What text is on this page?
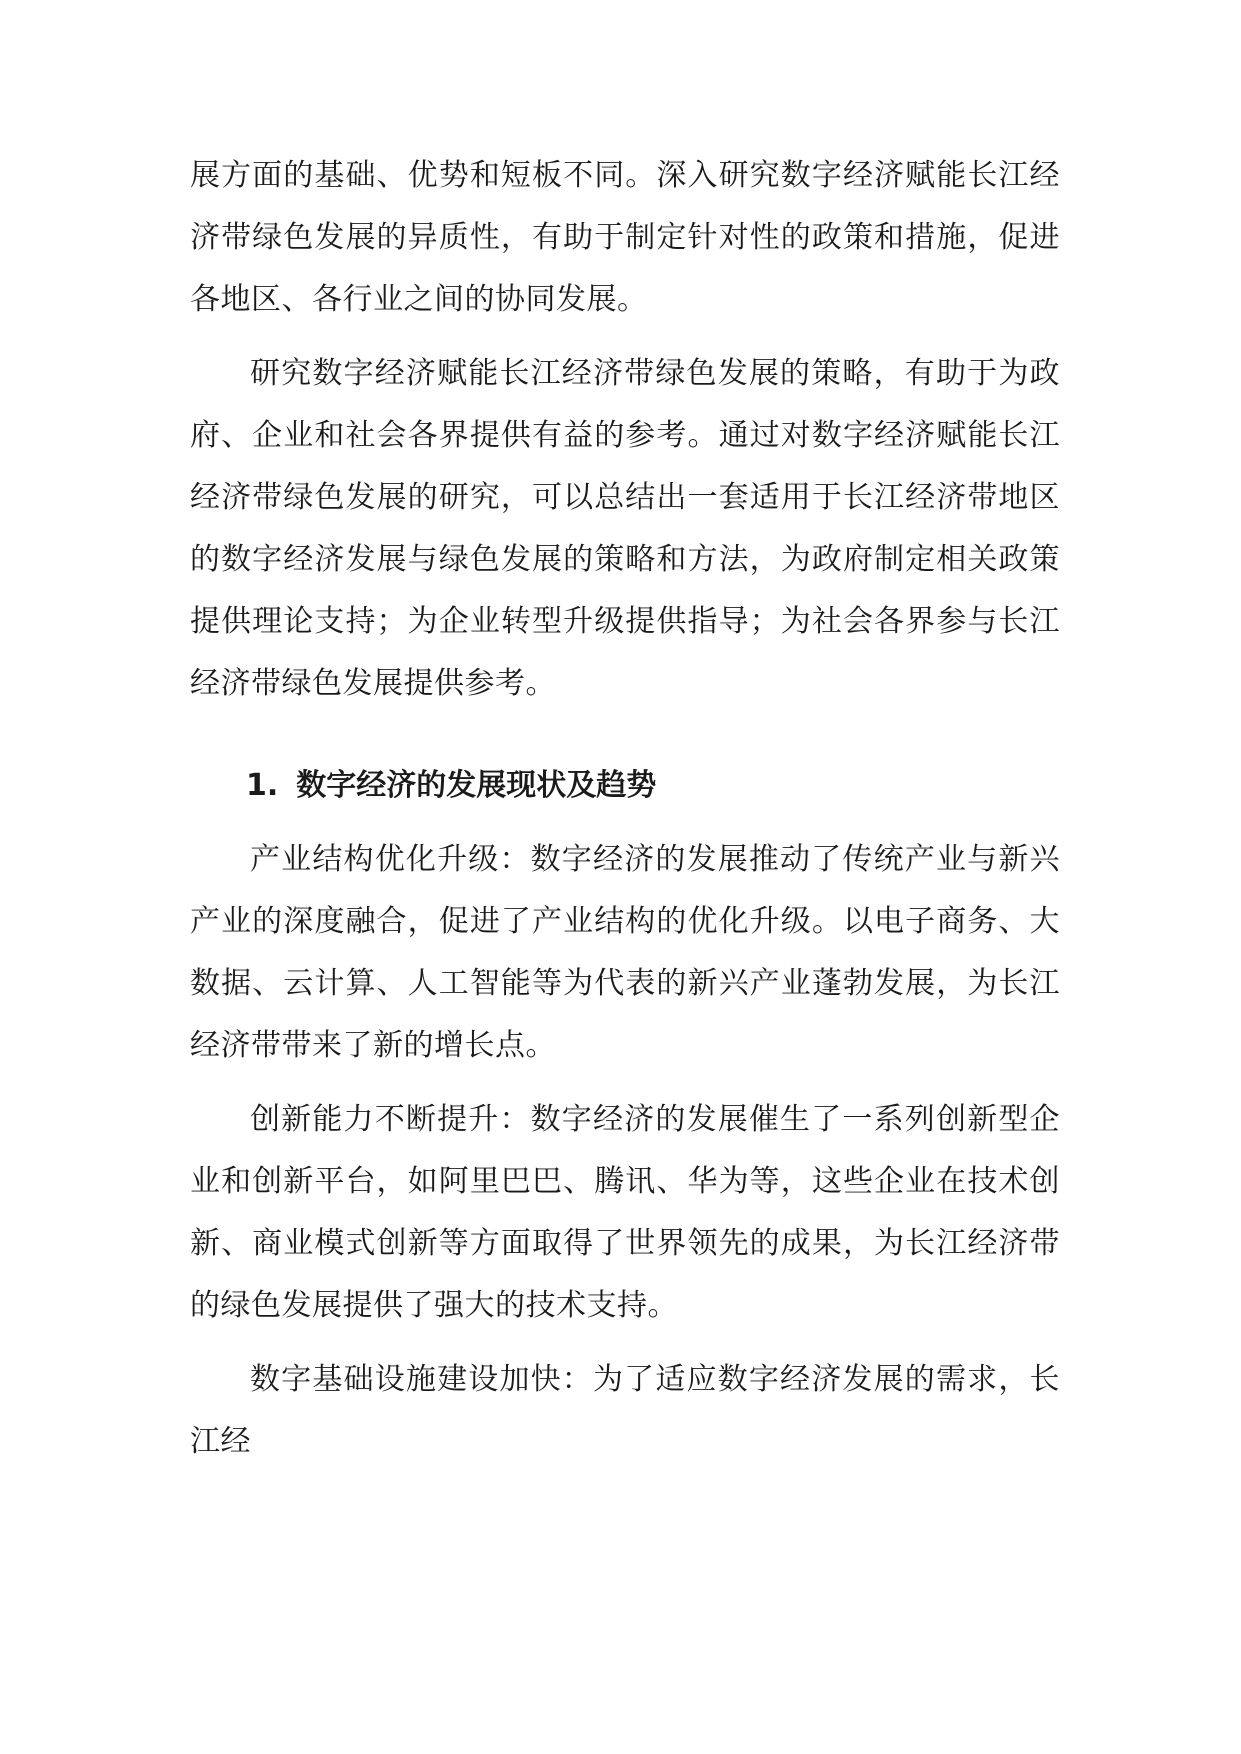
展方面的基础、优势和短板不同。深入研究数字经济赋能长江经济带绿色发展的异质性，有助于制定针对性的政策和措施，促进各地区、各行业之间的协同发展。

研究数字经济赋能长江经济带绿色发展的策略，有助于为政府、企业和社会各界提供有益的参考。通过对数字经济赋能长江经济带绿色发展的研究，可以总结出一套适用于长江经济带地区的数字经济发展与绿色发展的策略和方法，为政府制定相关政策提供理论支持；为企业转型升级提供指导；为社会各界参与长江经济带绿色发展提供参考。

1. 数字经济的发展现状及趋势

产业结构优化升级：数字经济的发展推动了传统产业与新兴产业的深度融合，促进了产业结构的优化升级。以电子商务、大数据、云计算、人工智能等为代表的新兴产业蓬勃发展，为长江经济带带来了新的增长点。

创新能力不断提升：数字经济的发展催生了一系列创新型企业和创新平台，如阿里巴巴、腾讯、华为等，这些企业在技术创新、商业模式创新等方面取得了世界领先的成果，为长江经济带的绿色发展提供了强大的技术支持。

数字基础设施建设加快：为了适应数字经济发展的需求，长江经
